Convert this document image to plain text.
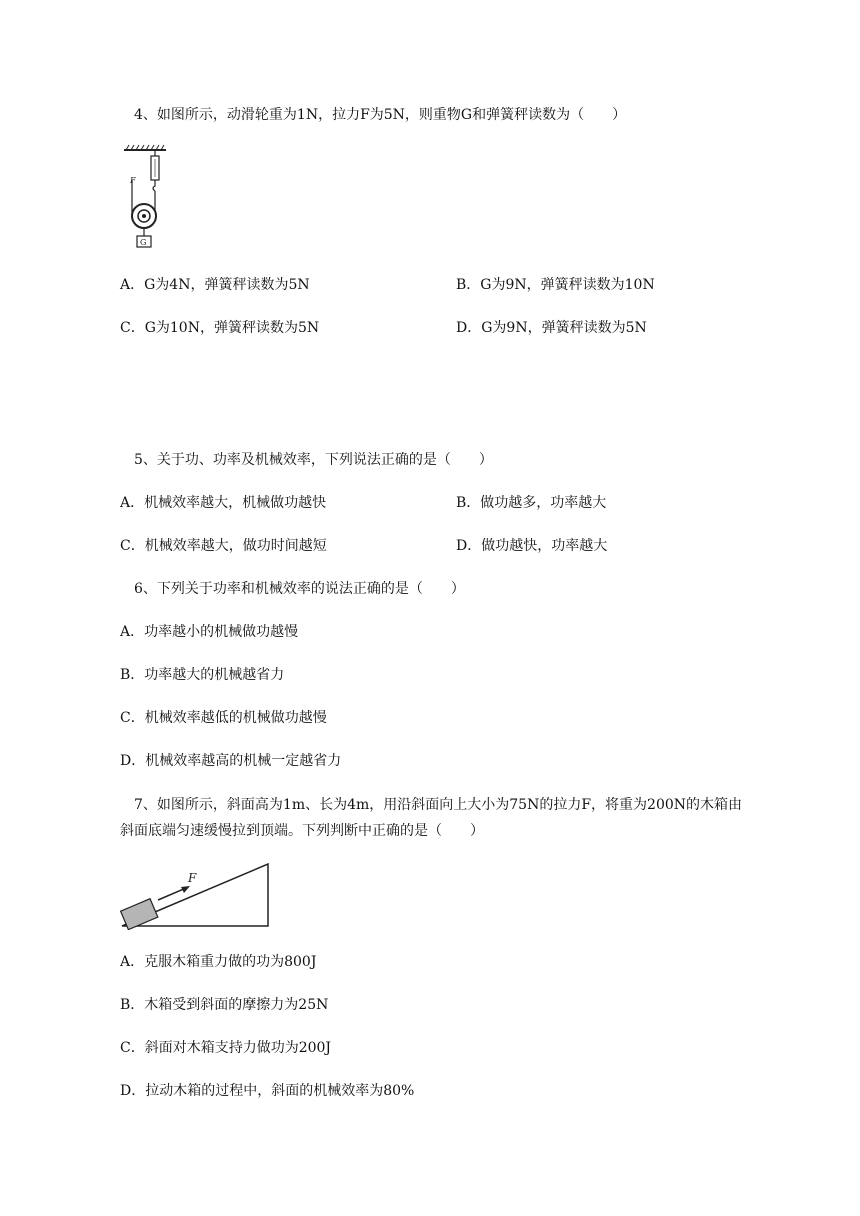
4、如图所示，动滑轮重为1N，拉力F为5N，则重物G和弹簧秤读数为（　　）
F
G
A．G为4N，弹簧秤读数为5N	B．G为9N，弹簧秤读数为10N
C．G为10N，弹簧秤读数为5N	D．G为9N，弹簧秤读数为5N
5、关于功、功率及机械效率，下列说法正确的是（　　）
A．机械效率越大，机械做功越快	B．做功越多，功率越大
C．机械效率越大，做功时间越短	D．做功越快，功率越大
6、下列关于功率和机械效率的说法正确的是（　　）
A．功率越小的机械做功越慢
B．功率越大的机械越省力
C．机械效率越低的机械做功越慢
D．机械效率越高的机械一定越省力
7、如图所示，斜面高为1m、长为4m，用沿斜面向上大小为75N的拉力F，将重为200N的木箱由
斜面底端匀速缓慢拉到顶端。下列判断中正确的是（　　）
F
A．克服木箱重力做的功为800J
B．木箱受到斜面的摩擦力为25N
C．斜面对木箱支持力做功为200J
D．拉动木箱的过程中，斜面的机械效率为80%
